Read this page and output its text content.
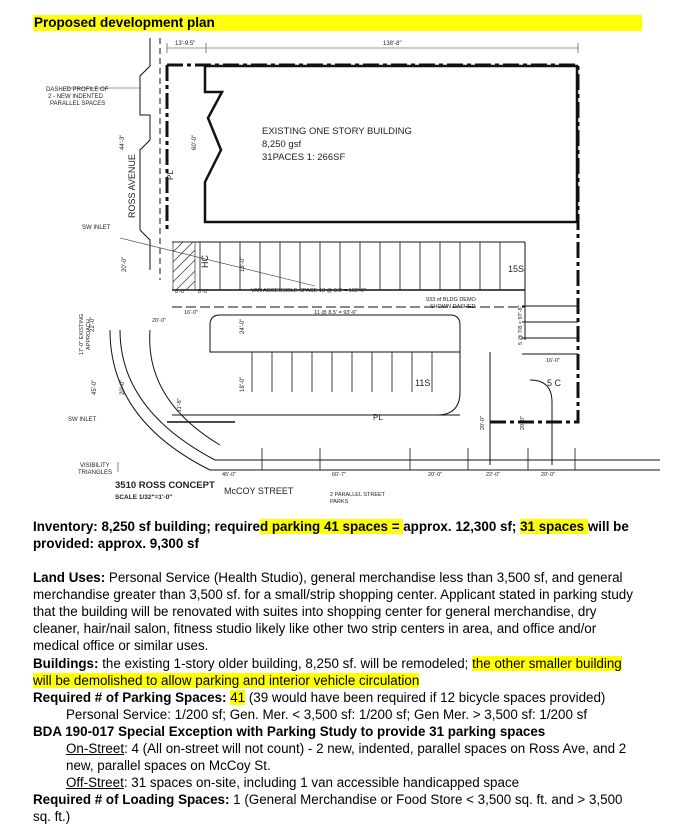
Proposed development plan
13'-9.5"	138'-8"
EXISTING ONE STORY BUILDING
8,250 gsf
31PACES 1: 266SF
60'-0"
44'-3"
ROSS AVENUE	PL
DASHED PROFILE OF
2 - NEW INDENTED
PARALLEL SPACES
SW INLET
SW INLET
20'-0"	18'-0"
HC
8'-0" 8'-0"	VAN ACCESSIBLE SPACE 13 @ 8.5' = 102'-0"
933 of BLDG DEMO
SHOWN DASHED
15S
16'-0"
20'-0"
11 @ 8.5' = 93'-6"
22'-0"
17'-0" EXISTING APPROACH	24'-0"	5 @ 7/8 = 97'-6"
16'-0"
20'-0"
45'-0"	18'-0"	11S	5 C
11'-8"
PL	20'-0"	20'-0"
VISIBILITY
TRIANGLES	45'-0"	60'-7"	20'-0"	22'-0"	20'-0"
3510 ROSS CONCEPT
SCALE 1/32"=1'-0"
McCOY STREET	2 PARALLEL STREET
PARKS
Inventory: 8,250 sf building; required parking 41 spaces = approx. 12,300 sf; 31 spaces will be provided: approx. 9,300 sf

Land Uses: Personal Service (Health Studio), general merchandise less than 3,500 sf, and general merchandise greater than 3,500 sf. for a small/strip shopping center. Applicant stated in parking study that the building will be renovated with suites into shopping center for general merchandise, dry cleaner, hair/nail salon, fitness studio likely like other two strip centers in area, and office and/or medical office or similar uses.

Buildings: the existing 1-story older building, 8,250 sf. will be remodeled; the other smaller building will be demolished to allow parking and interior vehicle circulation

Required # of Parking Spaces: 41 (39 would have been required if 12 bicycle spaces provided)

Personal Service: 1/200 sf; Gen. Mer. < 3,500 sf: 1/200 sf; Gen Mer. > 3,500 sf: 1/200 sf

BDA 190-017 Special Exception with Parking Study to provide 31 parking spaces

On-Street: 4 (All on-street will not count) - 2 new, indented, parallel spaces on Ross Ave, and 2 new, parallel spaces on McCoy St.

Off-Street: 31 spaces on-site, including 1 van accessible handicapped space

Required # of Loading Spaces: 1 (General Merchandise or Food Store < 3,500 sq. ft. and > 3,500 sq. ft.)
